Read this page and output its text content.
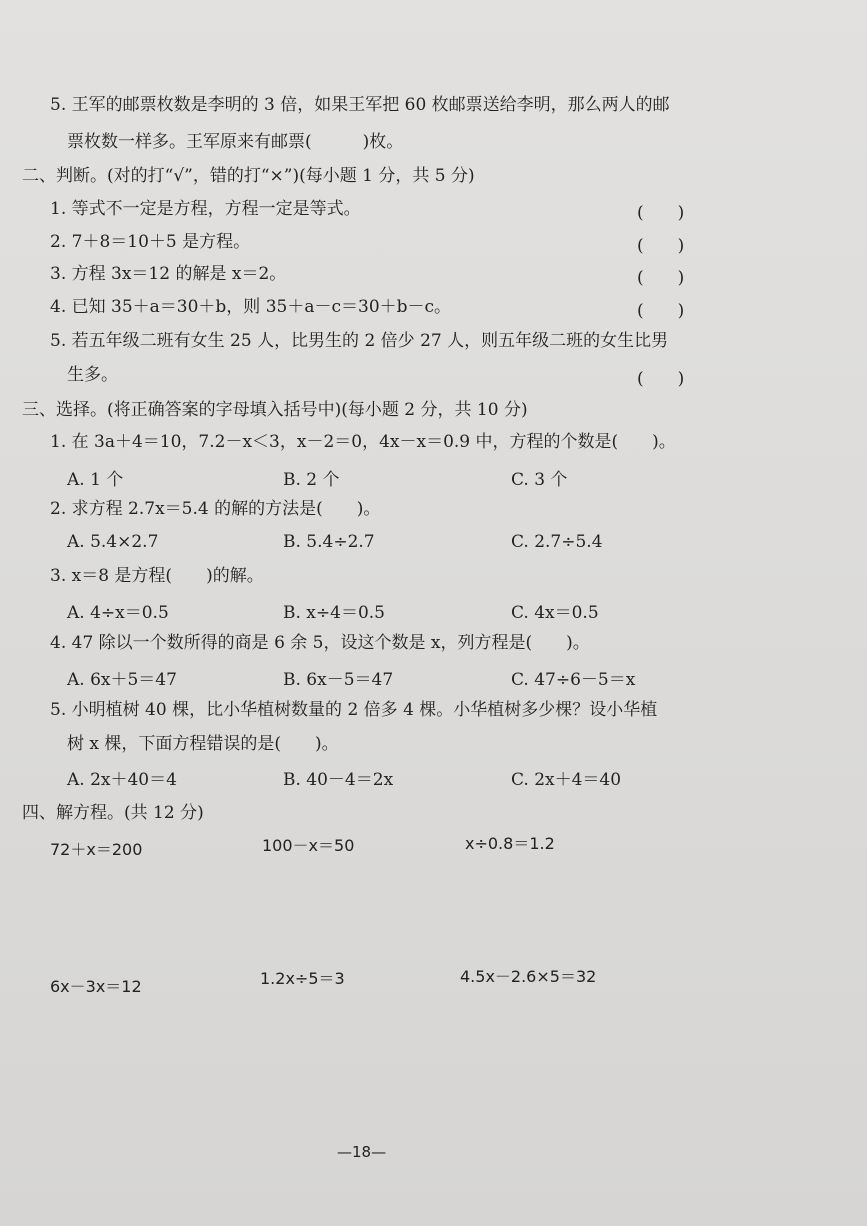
5. 王军的邮票枚数是李明的 3 倍，如果王军把 60 枚邮票送给李明，那么两人的邮
票枚数一样多。王军原来有邮票(　　　)枚。
二、判断。(对的打“√”，错的打“×”)(每小题 1 分，共 5 分)
1. 等式不一定是方程，方程一定是等式。	(　　)
2. 7＋8＝10＋5 是方程。	(　　)
3. 方程 3x＝12 的解是 x＝2。	(　　)
4. 已知 35＋a＝30＋b，则 35＋a－c＝30＋b－c。	(　　)
5. 若五年级二班有女生 25 人，比男生的 2 倍少 27 人，则五年级二班的女生比男
生多。	(　　)
三、选择。(将正确答案的字母填入括号中)(每小题 2 分，共 10 分)
1. 在 3a＋4＝10，7.2－x＜3，x－2＝0，4x－x＝0.9 中，方程的个数是(　　)。
A. 1 个	B. 2 个	C. 3 个
2. 求方程 2.7x＝5.4 的解的方法是(　　)。
A. 5.4×2.7	B. 5.4÷2.7	C. 2.7÷5.4
3. x＝8 是方程(　　)的解。
A. 4÷x＝0.5	B. x÷4＝0.5	C. 4x＝0.5
4. 47 除以一个数所得的商是 6 余 5，设这个数是 x，列方程是(　　)。
A. 6x＋5＝47	B. 6x－5＝47	C. 47÷6－5＝x
5. 小明植树 40 棵，比小华植树数量的 2 倍多 4 棵。小华植树多少棵？设小华植
树 x 棵，下面方程错误的是(　　)。
A. 2x＋40＝4	B. 40－4＝2x	C. 2x＋4＝40
四、解方程。(共 12 分)
72＋x＝200	100－x＝50	x÷0.8＝1.2
6x－3x＝12	1.2x÷5＝3	4.5x－2.6×5＝32
—18—
